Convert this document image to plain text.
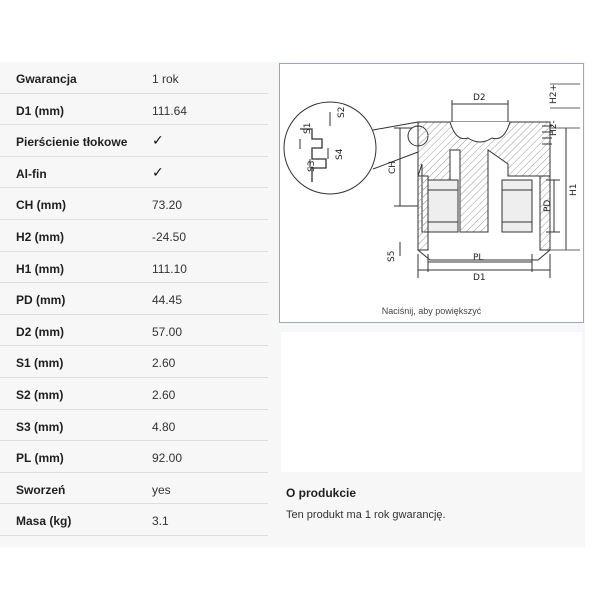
Gwarancja	1 rok
D1 (mm)	111.64
Pierścienie tłokowe ✓
Al-fin	✓
CH (mm)	73.20
H2 (mm)	-24.50
H1 (mm)	111.10
PD (mm)	44.45
D2 (mm)	57.00
S1 (mm)	2.60
S2 (mm)	2.60
S3 (mm)	4.80
PL (mm)	92.00
Sworzeń	yes
Masa (kg)	3.1
D2	H2+
H2-
H1
CH
PD
PL
D1
S1
S2
S3
S4
S5
Naciśnij, aby powiększyć
O produkcie
Ten produkt ma 1 rok gwarancję.
